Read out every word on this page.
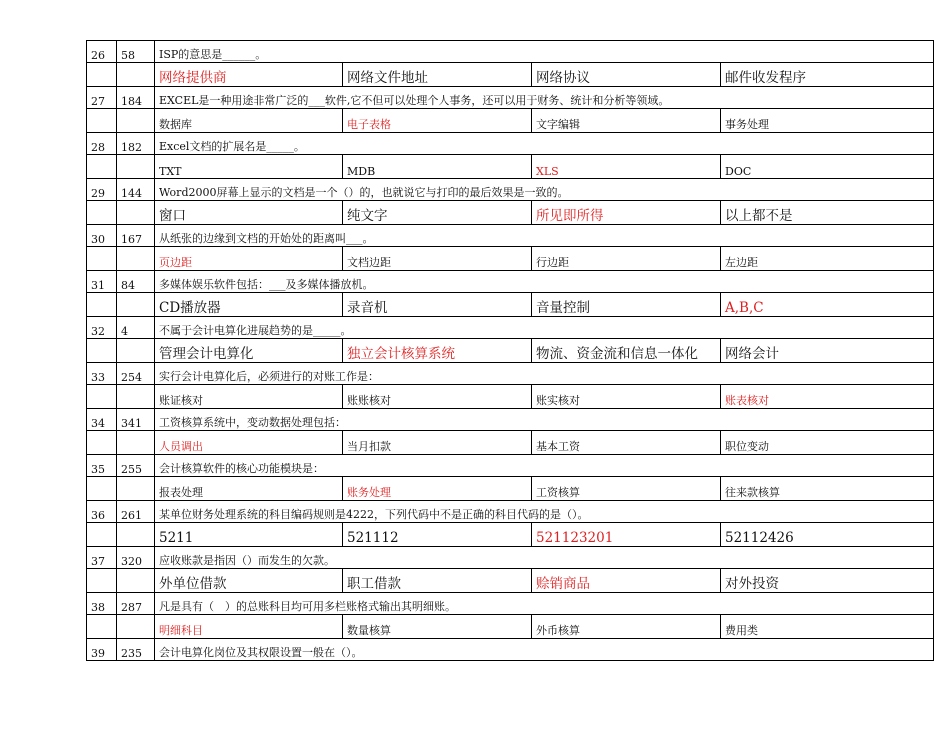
26	58	ISP的意思是______。			
		网络提供商	网络文件地址	网络协议	邮件收发程序
27	184	EXCEL是一种用途非常广泛的___软件,它不但可以处理个人事务，还可以用于财务、统计和分析等领域。			
		数据库	电子表格	文字编辑	事务处理
28	182	Excel文档的扩展名是_____。			
		TXT	MDB	XLS	DOC
29	144	Word2000屏幕上显示的文档是一个（）的，也就说它与打印的最后效果是一致的。			
		窗口	纯文字	所见即所得	以上都不是
30	167	从纸张的边缘到文档的开始处的距离叫___。			
		页边距	文档边距	行边距	左边距
31	84	多媒体娱乐软件包括：___及多媒体播放机。			
		CD播放器	录音机	音量控制	A,B,C
32	4	不属于会计电算化进展趋势的是_____。			
		管理会计电算化	独立会计核算系统	物流、资金流和信息一体化	网络会计
33	254	实行会计电算化后，必须进行的对账工作是：			
		账证核对	账账核对	账实核对	账表核对
34	341	工资核算系统中，变动数据处理包括：			
		人员调出	当月扣款	基本工资	职位变动
35	255	会计核算软件的核心功能模块是：			
		报表处理	账务处理	工资核算	往来款核算
36	261	某单位财务处理系统的科目编码规则是4222，下列代码中不是正确的科目代码的是（）。			
		5211	521112	521123201	52112426
37	320	应收账款是指因（）而发生的欠款。			
		外单位借款	职工借款	赊销商品	对外投资
38	287	凡是具有（　）的总账科目均可用多栏账格式输出其明细账。			
		明细科目	数量核算	外币核算	费用类
39	235	会计电算化岗位及其权限设置一般在（）。			
